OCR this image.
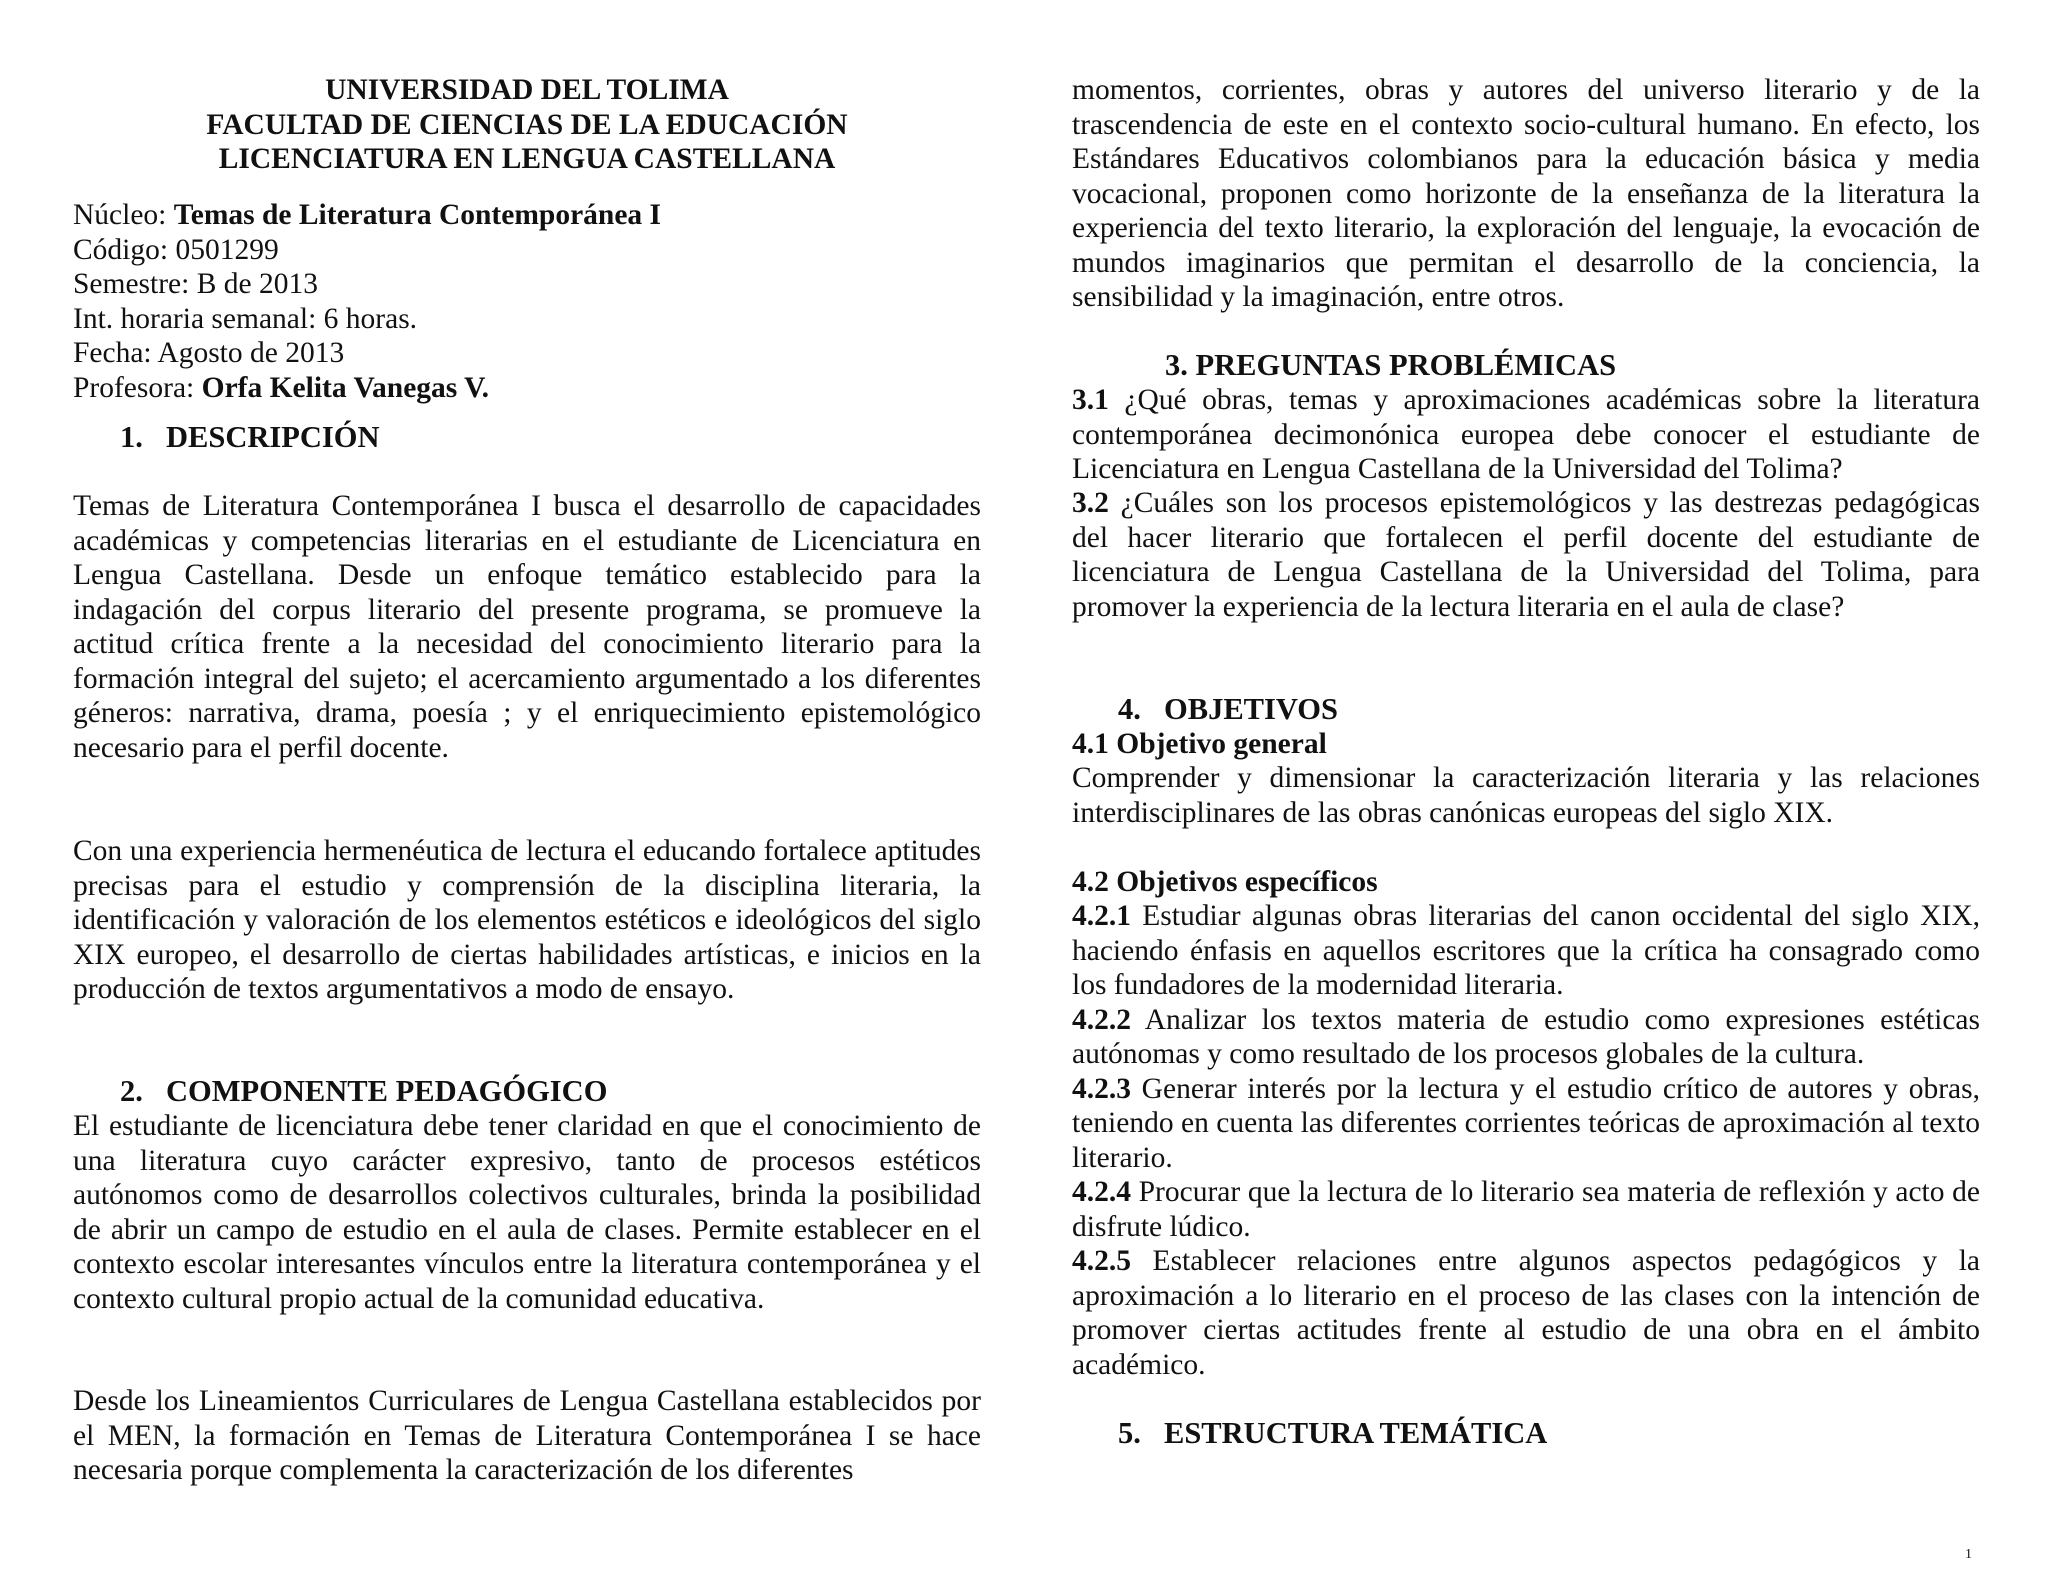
UNIVERSIDAD DEL TOLIMA

FACULTAD DE CIENCIAS DE LA EDUCACIÓN

LICENCIATURA EN LENGUA CASTELLANA

Núcleo: Temas de Literatura Contemporánea I

Código: 0501299

Semestre: B de 2013

Int. horaria semanal: 6 horas.

Fecha: Agosto de 2013

Profesora: Orfa Kelita Vanegas V.

1. DESCRIPCIÓN

Temas de Literatura Contemporánea I busca el desarrollo de capacidades académicas y competencias literarias en el estudiante de Licenciatura en Lengua Castellana. Desde un enfoque temático establecido para la indagación del corpus literario del presente programa, se promueve la actitud crítica frente a la necesidad del conocimiento literario para la formación integral del sujeto; el acercamiento argumentado a los diferentes géneros: narrativa, drama, poesía ; y el enriquecimiento epistemológico necesario para el perfil docente.

Con una experiencia hermenéutica de lectura el educando fortalece aptitudes precisas para el estudio y comprensión de la disciplina literaria, la identificación y valoración de los elementos estéticos e ideológicos del siglo XIX europeo, el desarrollo de ciertas habilidades artísticas, e inicios en la producción de textos argumentativos a modo de ensayo.

2. COMPONENTE PEDAGÓGICO

El estudiante de licenciatura debe tener claridad en que el conocimiento de una literatura cuyo carácter expresivo, tanto de procesos estéticos autónomos como de desarrollos colectivos culturales, brinda la posibilidad de abrir un campo de estudio en el aula de clases. Permite establecer en el contexto escolar interesantes vínculos entre la literatura contemporánea y el contexto cultural propio actual de la comunidad educativa.

Desde los Lineamientos Curriculares de Lengua Castellana establecidos por el MEN, la formación en Temas de Literatura Contemporánea I se hace necesaria porque complementa la caracterización de los diferentes

momentos, corrientes, obras y autores del universo literario y de la trascendencia de este en el contexto socio-cultural humano. En efecto, los Estándares Educativos colombianos para la educación básica y media vocacional, proponen como horizonte de la enseñanza de la literatura la experiencia del texto literario, la exploración del lenguaje, la evocación de mundos imaginarios que permitan el desarrollo de la conciencia, la sensibilidad y la imaginación, entre otros.

3. PREGUNTAS PROBLÉMICAS

3.1 ¿Qué obras, temas y aproximaciones académicas sobre la literatura contemporánea decimonónica europea debe conocer el estudiante de Licenciatura en Lengua Castellana de la Universidad del Tolima?

3.2 ¿Cuáles son los procesos epistemológicos y las destrezas pedagógicas del hacer literario que fortalecen el perfil docente del estudiante de licenciatura de Lengua Castellana de la Universidad del Tolima, para promover la experiencia de la lectura literaria en el aula de clase?

4. OBJETIVOS

4.1 Objetivo general

Comprender y dimensionar la caracterización literaria y las relaciones interdisciplinares de las obras canónicas europeas del siglo XIX.

4.2 Objetivos específicos

4.2.1 Estudiar algunas obras literarias del canon occidental del siglo XIX, haciendo énfasis en aquellos escritores que la crítica ha consagrado como los fundadores de la modernidad literaria.

4.2.2 Analizar los textos materia de estudio como expresiones estéticas autónomas y como resultado de los procesos globales de la cultura.

4.2.3 Generar interés por la lectura y el estudio crítico de autores y obras, teniendo en cuenta las diferentes corrientes teóricas de aproximación al texto literario.

4.2.4 Procurar que la lectura de lo literario sea materia de reflexión y acto de disfrute lúdico.

4.2.5 Establecer relaciones entre algunos aspectos pedagógicos y la aproximación a lo literario en el proceso de las clases con la intención de promover ciertas actitudes frente al estudio de una obra en el ámbito académico.

5. ESTRUCTURA TEMÁTICA

1
